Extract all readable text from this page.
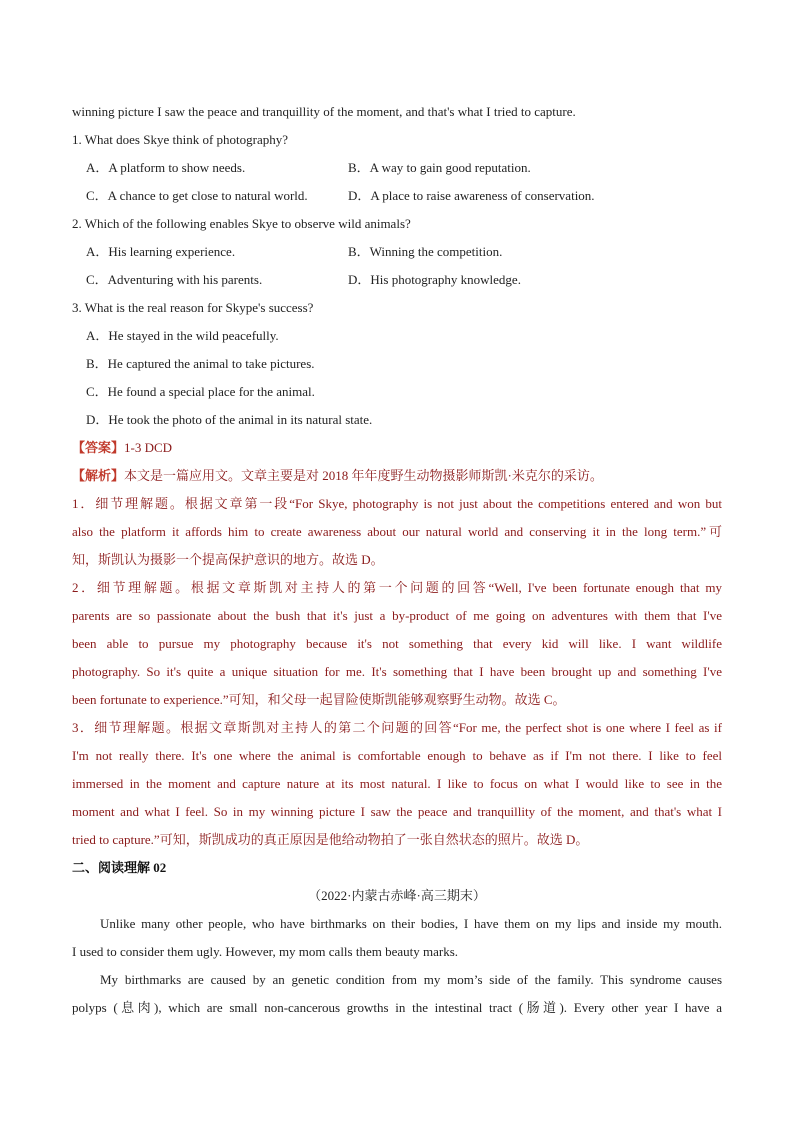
winning picture I saw the peace and tranquillity of the moment, and that's what I tried to capture.
1. What does Skye think of photography?
A．A platform to show needs.	B．A way to gain good reputation.
C．A chance to get close to natural world.	D．A place to raise awareness of conservation.
2. Which of the following enables Skye to observe wild animals?
A．His learning experience.	B．Winning the competition.
C．Adventuring with his parents.	D．His photography knowledge.
3. What is the real reason for Skype's success?
A．He stayed in the wild peacefully.
B．He captured the animal to take pictures.
C．He found a special place for the animal.
D．He took the photo of the animal in its natural state.
【答案】1-3 DCD
【解析】本文是一篇应用文。文章主要是对 2018 年年度野生动物摄影师斯凯·米克尔的采访。
1．细节理解题。根据文章第一段“For Skye, photography is not just about the competitions entered and won but
also the platform it affords him to create awareness about our natural world and conserving it in the long term.”可
知，斯凯认为摄影一个提高保护意识的地方。故选 D。
2．细节理解题。根据文章斯凯对主持人的第一个问题的回答“Well, I've been fortunate enough that my
parents are so passionate about the bush that it's just a by-product of me going on adventures with them that I've
been able to pursue my photography because it's not something that every kid will like. I want wildlife
photography. So it's quite a unique situation for me. It's something that I have been brought up and something I've
been fortunate to experience.”可知，和父母一起冒险使斯凯能够观察野生动物。故选 C。
3．细节理解题。根据文章斯凯对主持人的第二个问题的回答“For me, the perfect shot is one where I feel as if
I'm not really there. It's one where the animal is comfortable enough to behave as if I'm not there. I like to feel
immersed in the moment and capture nature at its most natural. I like to focus on what I would like to see in the
moment and what I feel. So in my winning picture I saw the peace and tranquillity of the moment, and that's what I
tried to capture.”可知，斯凯成功的真正原因是他给动物拍了一张自然状态的照片。故选 D。
二、阅读理解 02
（2022·内蒙古赤峰·高三期末）
Unlike many other people, who have birthmarks on their bodies, I have them on my lips and inside my mouth.
I used to consider them ugly. However, my mom calls them beauty marks.
My birthmarks are caused by an genetic condition from my mom’s side of the family. This syndrome causes
polyps (息肉), which are small non-cancerous growths in the intestinal tract (肠道). Every other year I have a
